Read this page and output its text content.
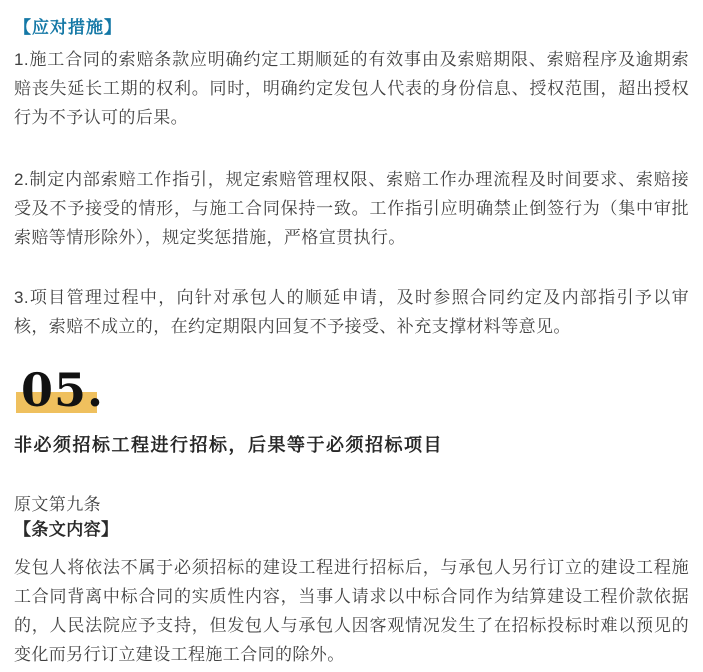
【应对措施】

1.施工合同的索赔条款应明确约定工期顺延的有效事由及索赔期限、索赔程序及逾期索赔丧失延长工期的权利。同时，明确约定发包人代表的身份信息、授权范围，超出授权行为不予认可的后果。

2.制定内部索赔工作指引，规定索赔管理权限、索赔工作办理流程及时间要求、索赔接受及不予接受的情形，与施工合同保持一致。工作指引应明确禁止倒签行为（集中审批索赔等情形除外），规定奖惩措施，严格宣贯执行。

3.项目管理过程中，向针对承包人的顺延申请，及时参照合同约定及内部指引予以审核，索赔不成立的，在约定期限内回复不予接受、补充支撑材料等意见。

05.
非必须招标工程进行招标，后果等于必须招标项目

原文第九条

【条文内容】

发包人将依法不属于必须招标的建设工程进行招标后，与承包人另行订立的建设工程施工合同背离中标合同的实质性内容，当事人请求以中标合同作为结算建设工程价款依据的，人民法院应予支持，但发包人与承包人因客观情况发生了在招标投标时难以预见的变化而另行订立建设工程施工合同的除外。
